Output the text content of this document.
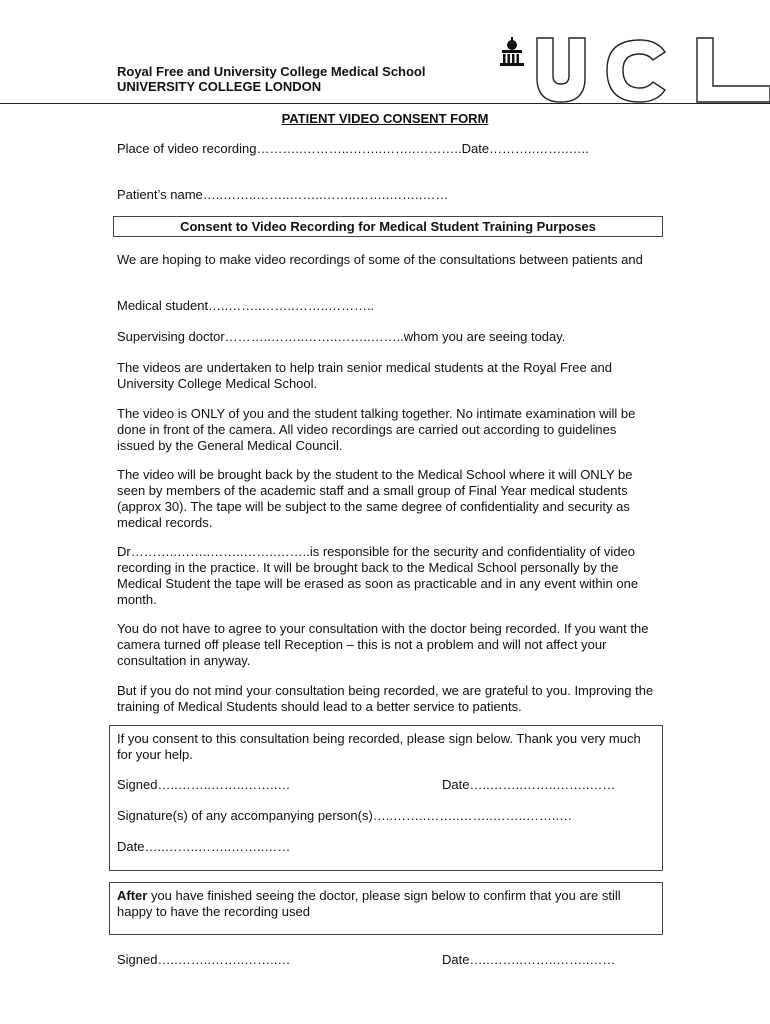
Royal Free and University College Medical School
UNIVERSITY COLLEGE LONDON
PATIENT VIDEO CONSENT FORM
Place of video recording………..………..……..……..………..Date………..……..…..
Patient’s name…..……..……..……..……..……..……..……
Consent to Video Recording for Medical Student Training Purposes
We are hoping to make video recordings of some of the consultations between patients and
Medical student…..……..……..……..………..
Supervising doctor………..……..……..……..……..whom you are seeing today.
The videos are undertaken to help train senior medical students at the Royal Free and University College Medical School.
The video is ONLY of you and the student talking together. No intimate examination will be done in front of the camera. All video recordings are carried out according to guidelines issued by the General Medical Council.
The video will be brought back by the student to the Medical School where it will ONLY be seen by members of the academic staff and a small group of Final Year medical students (approx 30). The tape will be subject to the same degree of confidentiality and security as medical records.
Dr………..……..……..……..……..is responsible for the security and confidentiality of video recording in the practice. It will be brought back to the Medical School personally by the Medical Student the tape will be erased as soon as practicable and in any event within one month.
You do not have to agree to your consultation with the doctor being recorded. If you want the camera turned off please tell Reception – this is not a problem and will not affect your consultation in anyway.
But if you do not mind your consultation being recorded, we are grateful to you. Improving the training of Medical Students should lead to a better service to patients.
If you consent to this consultation being recorded, please sign below. Thank you very much for your help.
Signed…..……..……..……..…	Date…..……..……..……..……
Signature(s) of any accompanying person(s)…..……..……..……..……..……..…
Date…..……..……..……..……
After you have finished seeing the doctor, please sign below to confirm that you are still happy to have the recording used
Signed…..……..……..……..…	Date…..……..……..……..……
